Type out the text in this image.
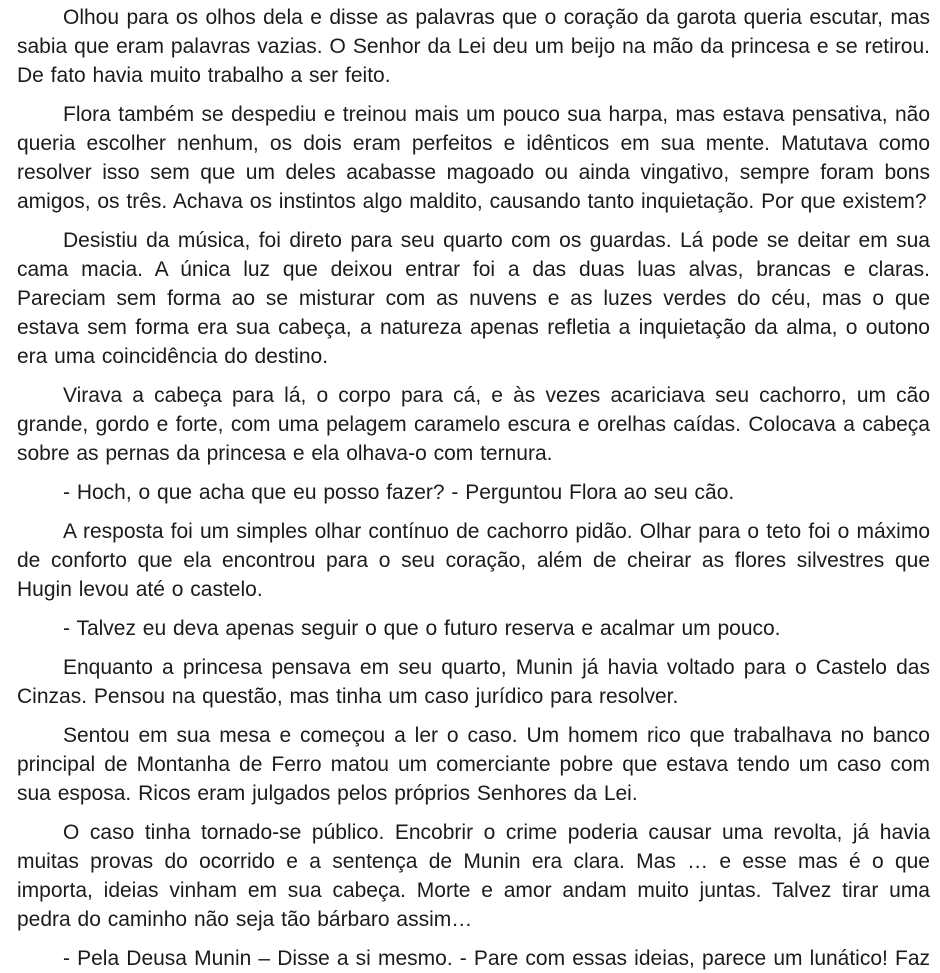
Olhou para os olhos dela e disse as palavras que o coração da garota queria escutar, mas sabia que eram palavras vazias. O Senhor da Lei deu um beijo na mão da princesa e se retirou. De fato havia muito trabalho a ser feito.

Flora também se despediu e treinou mais um pouco sua harpa, mas estava pensativa, não queria escolher nenhum, os dois eram perfeitos e idênticos em sua mente. Matutava como resolver isso sem que um deles acabasse magoado ou ainda vingativo, sempre foram bons amigos, os três. Achava os instintos algo maldito, causando tanto inquietação. Por que existem?

Desistiu da música, foi direto para seu quarto com os guardas. Lá pode se deitar em sua cama macia. A única luz que deixou entrar foi a das duas luas alvas, brancas e claras. Pareciam sem forma ao se misturar com as nuvens e as luzes verdes do céu, mas o que estava sem forma era sua cabeça, a natureza apenas refletia a inquietação da alma, o outono era uma coincidência do destino.

Virava a cabeça para lá, o corpo para cá, e às vezes acariciava seu cachorro, um cão grande, gordo e forte, com uma pelagem caramelo escura e orelhas caídas. Colocava a cabeça sobre as pernas da princesa e ela olhava-o com ternura.

- Hoch, o que acha que eu posso fazer? - Perguntou Flora ao seu cão.

A resposta foi um simples olhar contínuo de cachorro pidão. Olhar para o teto foi o máximo de conforto que ela encontrou para o seu coração, além de cheirar as flores silvestres que Hugin levou até o castelo.

- Talvez eu deva apenas seguir o que o futuro reserva e acalmar um pouco.

Enquanto a princesa pensava em seu quarto, Munin já havia voltado para o Castelo das Cinzas. Pensou na questão, mas tinha um caso jurídico para resolver.

Sentou em sua mesa e começou a ler o caso. Um homem rico que trabalhava no banco principal de Montanha de Ferro matou um comerciante pobre que estava tendo um caso com sua esposa. Ricos eram julgados pelos próprios Senhores da Lei.

O caso tinha tornado-se público. Encobrir o crime poderia causar uma revolta, já havia muitas provas do ocorrido e a sentença de Munin era clara. Mas … e esse mas é o que importa, ideias vinham em sua cabeça. Morte e amor andam muito juntas. Talvez tirar uma pedra do caminho não seja tão bárbaro assim…

- Pela Deusa Munin – Disse a si mesmo. - Pare com essas ideias, parece um lunático! Faz
